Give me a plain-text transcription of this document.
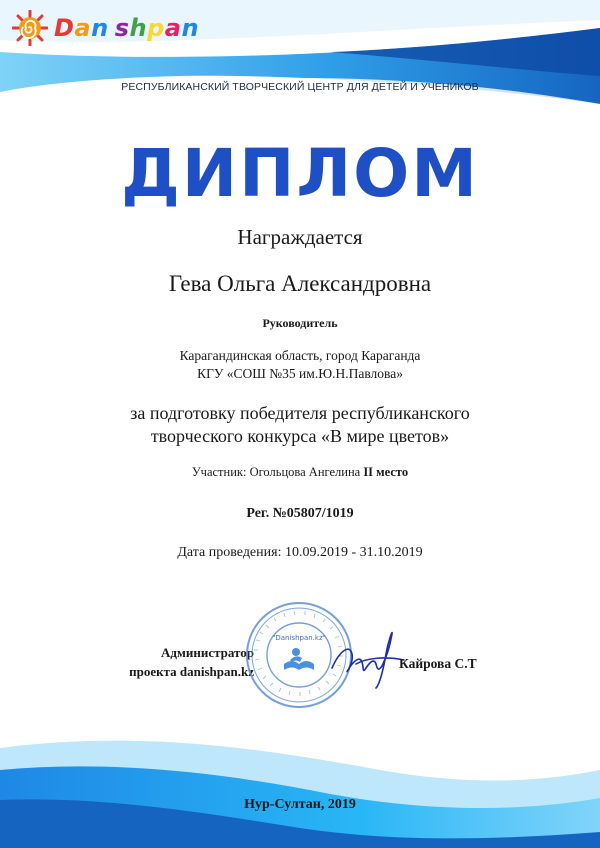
Dan shpan
РЕСПУБЛИКАНСКИЙ ТВОРЧЕСКИЙ ЦЕНТР ДЛЯ ДЕТЕЙ И УЧЕНИКОВ
ДИПЛОМ
Награждается
Гева Ольга Александровна
Руководитель
Карагандинская область, город Караганда
КГУ «СОШ №35 им.Ю.Н.Павлова»
за подготовку победителя республиканского
творческого конкурса «В мире цветов»
Участник: Огольцова Ангелина II место
Рег. №05807/1019
Дата проведения: 10.09.2019 - 31.10.2019
Администратор
проекта danishpan.kz
"Danishpan.kz"
Кайрова С.Т
Нур-Султан, 2019
